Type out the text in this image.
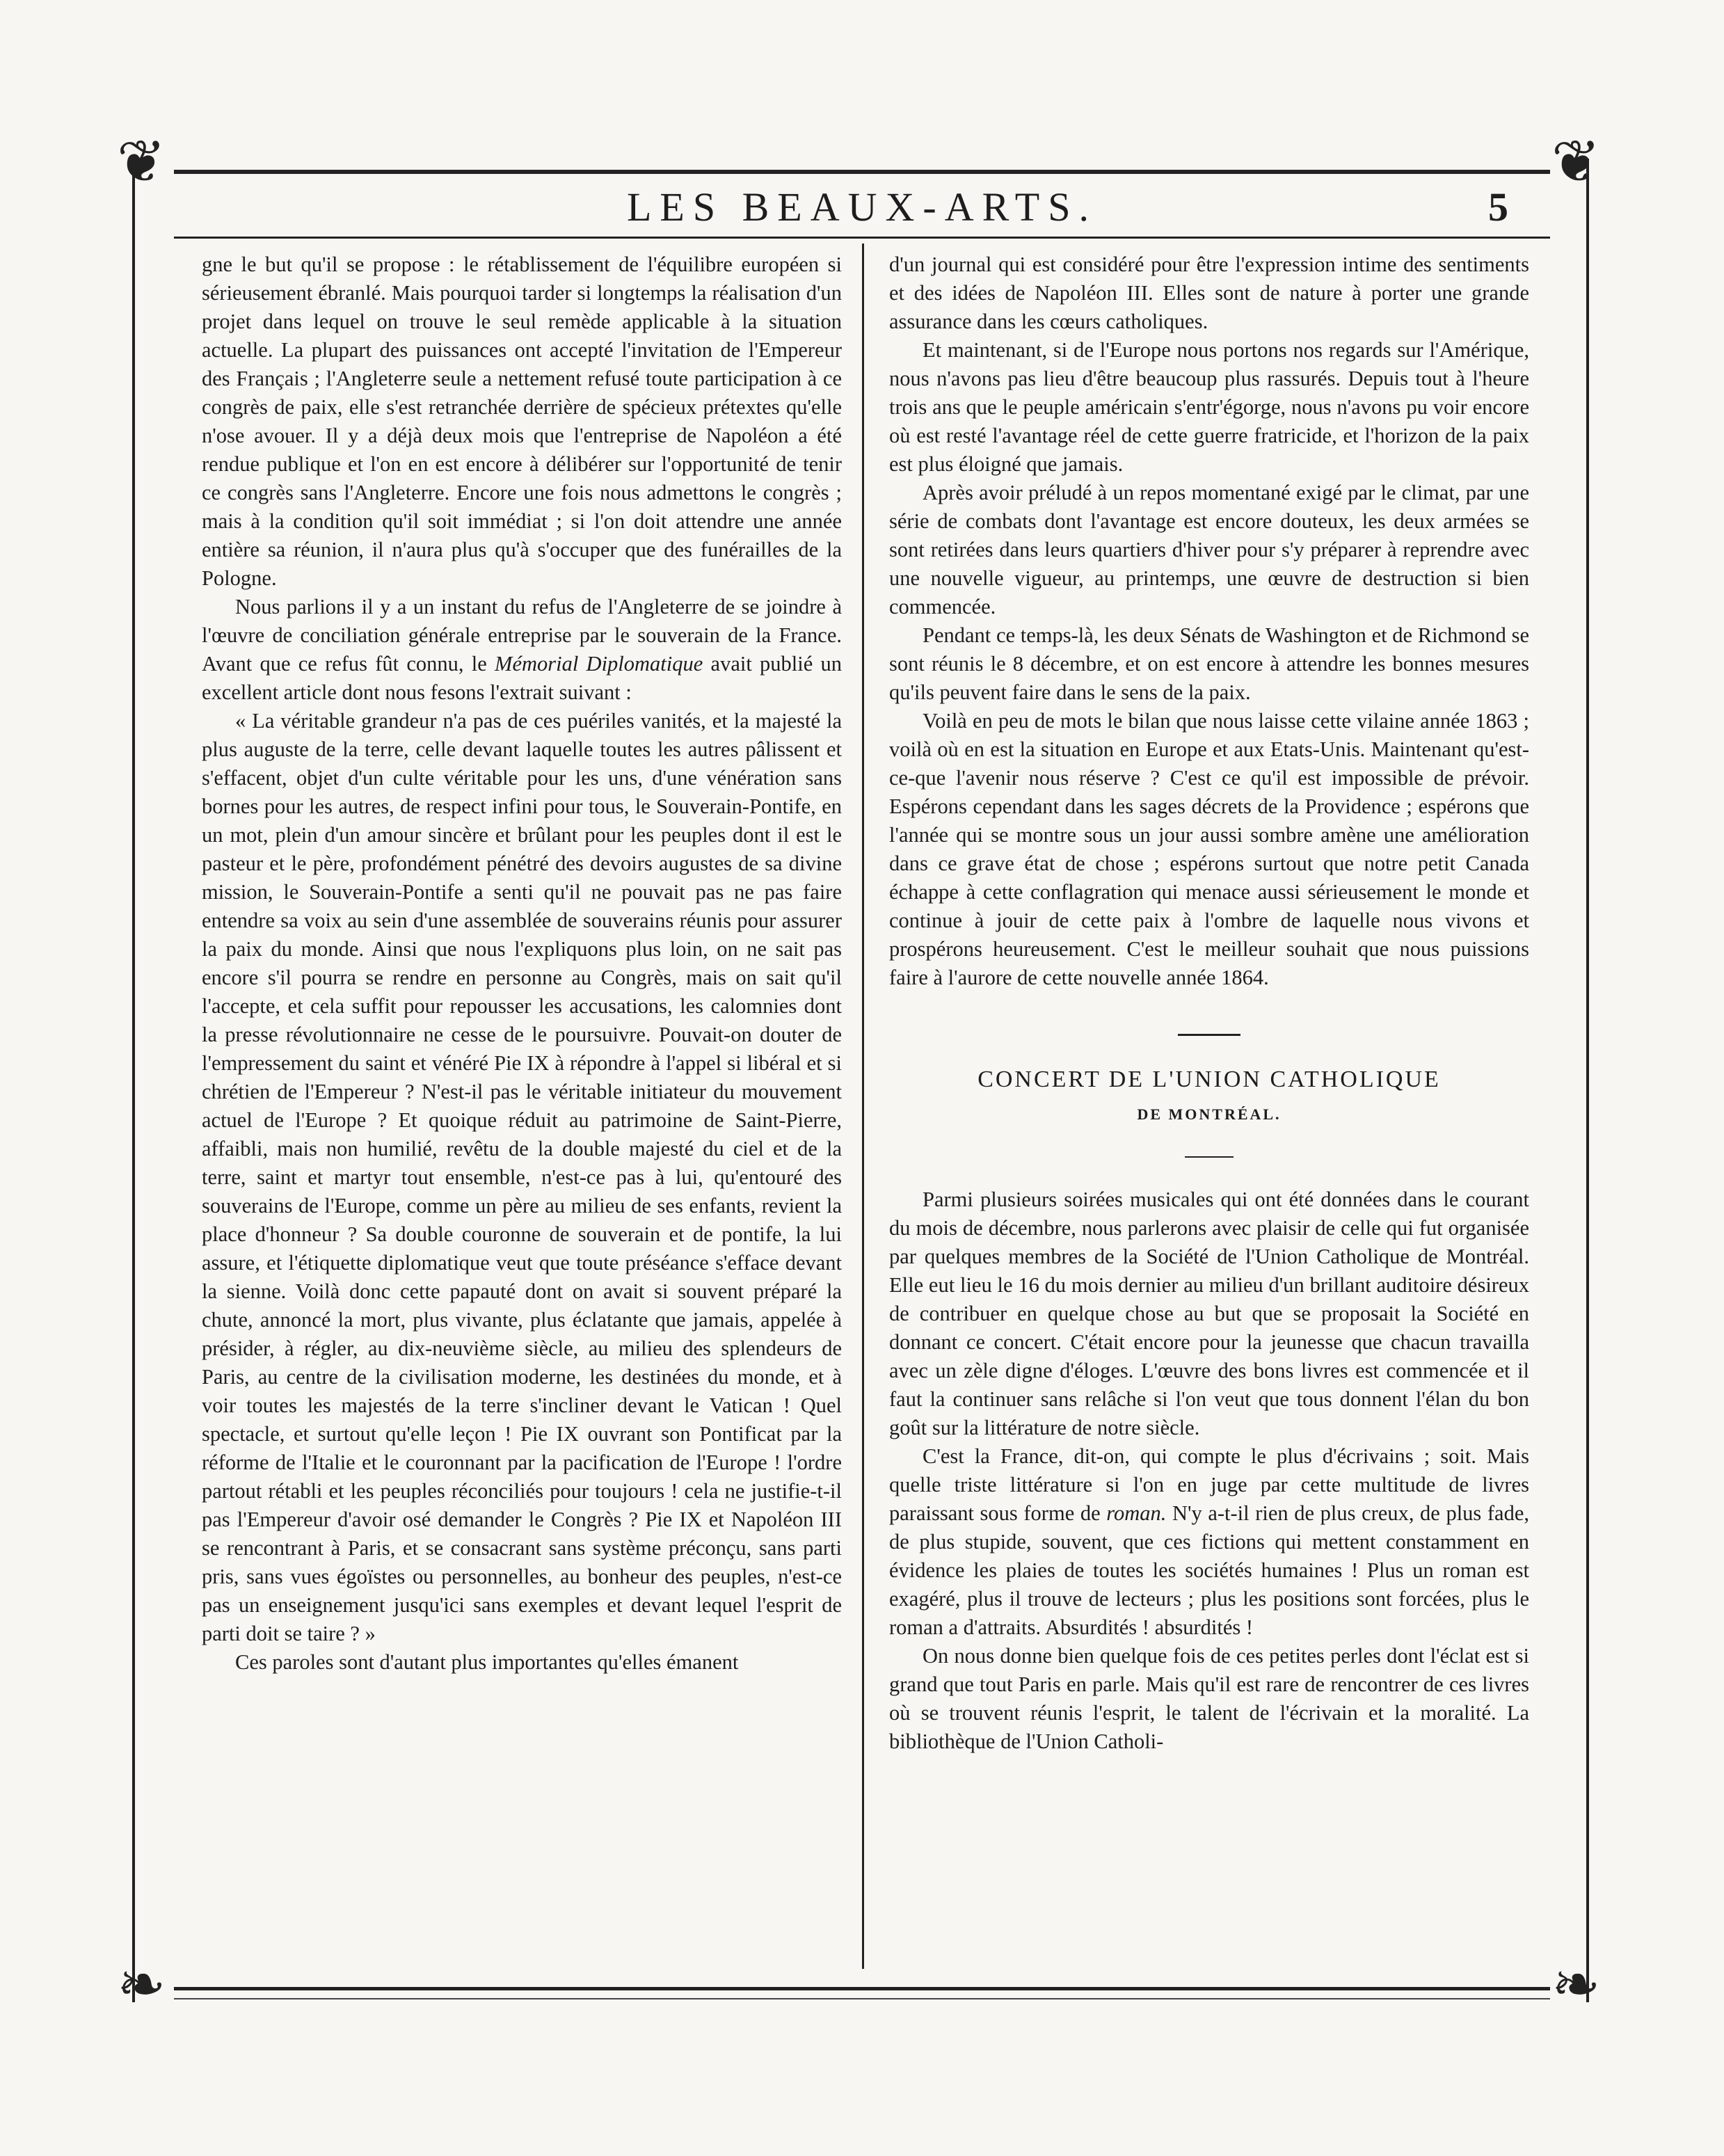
❦	❦
❧	❧
LES BEAUX-ARTS.	5

gne le but qu'il se propose : le rétablissement de l'équilibre européen si sérieusement ébranlé. Mais pourquoi tarder si longtemps la réalisation d'un projet dans lequel on trouve le seul remède applicable à la situation actuelle. La plupart des puissances ont accepté l'invitation de l'Empereur des Français ; l'Angleterre seule a nettement refusé toute participation à ce congrès de paix, elle s'est retranchée derrière de spécieux prétextes qu'elle n'ose avouer. Il y a déjà deux mois que l'entreprise de Napoléon a été rendue publique et l'on en est encore à délibérer sur l'opportunité de tenir ce congrès sans l'Angleterre. Encore une fois nous admettons le congrès ; mais à la condition qu'il soit immédiat ; si l'on doit attendre une année entière sa réunion, il n'aura plus qu'à s'occuper que des funérailles de la Pologne.

Nous parlions il y a un instant du refus de l'Angleterre de se joindre à l'œuvre de conciliation générale entreprise par le souverain de la France. Avant que ce refus fût connu, le Mémorial Diplomatique avait publié un excellent article dont nous fesons l'extrait suivant :

« La véritable grandeur n'a pas de ces puériles vanités, et la majesté la plus auguste de la terre, celle devant laquelle toutes les autres pâlissent et s'effacent, objet d'un culte véritable pour les uns, d'une vénération sans bornes pour les autres, de respect infini pour tous, le Souverain-Pontife, en un mot, plein d'un amour sincère et brûlant pour les peuples dont il est le pasteur et le père, profondément pénétré des devoirs augustes de sa divine mission, le Souverain-Pontife a senti qu'il ne pouvait pas ne pas faire entendre sa voix au sein d'une assemblée de souverains réunis pour assurer la paix du monde. Ainsi que nous l'expliquons plus loin, on ne sait pas encore s'il pourra se rendre en personne au Congrès, mais on sait qu'il l'accepte, et cela suffit pour repousser les accusations, les calomnies dont la presse révolutionnaire ne cesse de le poursuivre. Pouvait-on douter de l'empressement du saint et vénéré Pie IX à répondre à l'appel si libéral et si chrétien de l'Empereur ? N'est-il pas le véritable initiateur du mouvement actuel de l'Europe ? Et quoique réduit au patrimoine de Saint-Pierre, affaibli, mais non humilié, revêtu de la double majesté du ciel et de la terre, saint et martyr tout ensemble, n'est-ce pas à lui, qu'entouré des souverains de l'Europe, comme un père au milieu de ses enfants, revient la place d'honneur ? Sa double couronne de souverain et de pontife, la lui assure, et l'étiquette diplomatique veut que toute préséance s'efface devant la sienne. Voilà donc cette papauté dont on avait si souvent préparé la chute, annoncé la mort, plus vivante, plus éclatante que jamais, appelée à présider, à régler, au dix-neuvième siècle, au milieu des splendeurs de Paris, au centre de la civilisation moderne, les destinées du monde, et à voir toutes les majestés de la terre s'incliner devant le Vatican ! Quel spectacle, et surtout qu'elle leçon ! Pie IX ouvrant son Pontificat par la réforme de l'Italie et le couronnant par la pacification de l'Europe ! l'ordre partout rétabli et les peuples réconciliés pour toujours ! cela ne justifie-t-il pas l'Empereur d'avoir osé demander le Congrès ? Pie IX et Napoléon III se rencontrant à Paris, et se consacrant sans système préconçu, sans parti pris, sans vues égoïstes ou personnelles, au bonheur des peuples, n'est-ce pas un enseignement jusqu'ici sans exemples et devant lequel l'esprit de parti doit se taire ? »

Ces paroles sont d'autant plus importantes qu'elles émanent

d'un journal qui est considéré pour être l'expression intime des sentiments et des idées de Napoléon III. Elles sont de nature à porter une grande assurance dans les cœurs catholiques.

Et maintenant, si de l'Europe nous portons nos regards sur l'Amérique, nous n'avons pas lieu d'être beaucoup plus rassurés. Depuis tout à l'heure trois ans que le peuple américain s'entr'égorge, nous n'avons pu voir encore où est resté l'avantage réel de cette guerre fratricide, et l'horizon de la paix est plus éloigné que jamais.

Après avoir préludé à un repos momentané exigé par le climat, par une série de combats dont l'avantage est encore douteux, les deux armées se sont retirées dans leurs quartiers d'hiver pour s'y préparer à reprendre avec une nouvelle vigueur, au printemps, une œuvre de destruction si bien commencée.

Pendant ce temps-là, les deux Sénats de Washington et de Richmond se sont réunis le 8 décembre, et on est encore à attendre les bonnes mesures qu'ils peuvent faire dans le sens de la paix.

Voilà en peu de mots le bilan que nous laisse cette vilaine année 1863 ; voilà où en est la situation en Europe et aux Etats-Unis. Maintenant qu'est-ce-que l'avenir nous réserve ? C'est ce qu'il est impossible de prévoir. Espérons cependant dans les sages décrets de la Providence ; espérons que l'année qui se montre sous un jour aussi sombre amène une amélioration dans ce grave état de chose ; espérons surtout que notre petit Canada échappe à cette conflagration qui menace aussi sérieusement le monde et continue à jouir de cette paix à l'ombre de laquelle nous vivons et prospérons heureusement. C'est le meilleur souhait que nous puissions faire à l'aurore de cette nouvelle année 1864.

CONCERT DE L'UNION CATHOLIQUE
DE MONTRÉAL.

Parmi plusieurs soirées musicales qui ont été données dans le courant du mois de décembre, nous parlerons avec plaisir de celle qui fut organisée par quelques membres de la Société de l'Union Catholique de Montréal. Elle eut lieu le 16 du mois dernier au milieu d'un brillant auditoire désireux de contribuer en quelque chose au but que se proposait la Société en donnant ce concert. C'était encore pour la jeunesse que chacun travailla avec un zèle digne d'éloges. L'œuvre des bons livres est commencée et il faut la continuer sans relâche si l'on veut que tous donnent l'élan du bon goût sur la littérature de notre siècle.

C'est la France, dit-on, qui compte le plus d'écrivains ; soit. Mais quelle triste littérature si l'on en juge par cette multitude de livres paraissant sous forme de roman. N'y a-t-il rien de plus creux, de plus fade, de plus stupide, souvent, que ces fictions qui mettent constamment en évidence les plaies de toutes les sociétés humaines ! Plus un roman est exagéré, plus il trouve de lecteurs ; plus les positions sont forcées, plus le roman a d'attraits. Absurdités ! absurdités !

On nous donne bien quelque fois de ces petites perles dont l'éclat est si grand que tout Paris en parle. Mais qu'il est rare de rencontrer de ces livres où se trouvent réunis l'esprit, le talent de l'écrivain et la moralité. La bibliothèque de l'Union Catholi-
